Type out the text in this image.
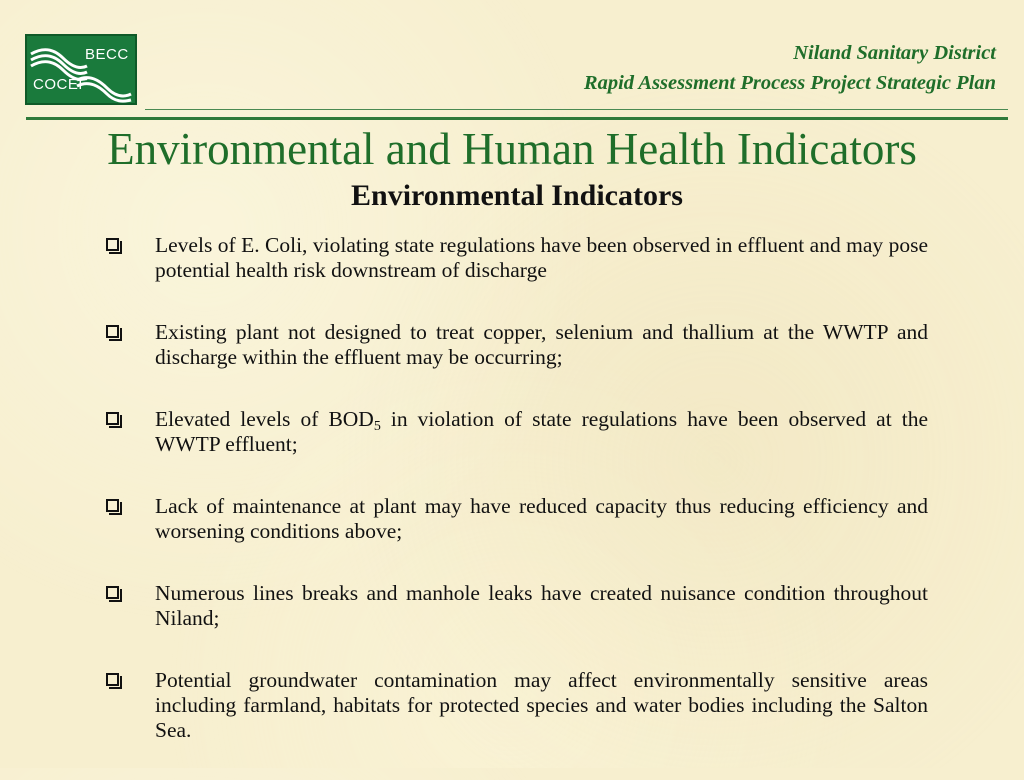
BECC
COCEF
Niland Sanitary District
Rapid Assessment Process Project Strategic Plan
Environmental and Human Health Indicators
Environmental Indicators
Levels of E. Coli, violating state regulations have been observed in effluent and may pose potential health risk downstream of discharge
Existing plant not designed to treat copper, selenium and thallium at the WWTP and discharge within the effluent may be occurring;
Elevated levels of $BOD_5$ in violation of state regulations have been observed at the WWTP effluent;
Lack of maintenance at plant may have reduced capacity thus reducing efficiency and worsening conditions above;
Numerous lines breaks and manhole leaks have created nuisance condition throughout Niland;
Potential groundwater contamination may affect environmentally sensitive areas including farmland, habitats for protected species and water bodies including the Salton Sea.
